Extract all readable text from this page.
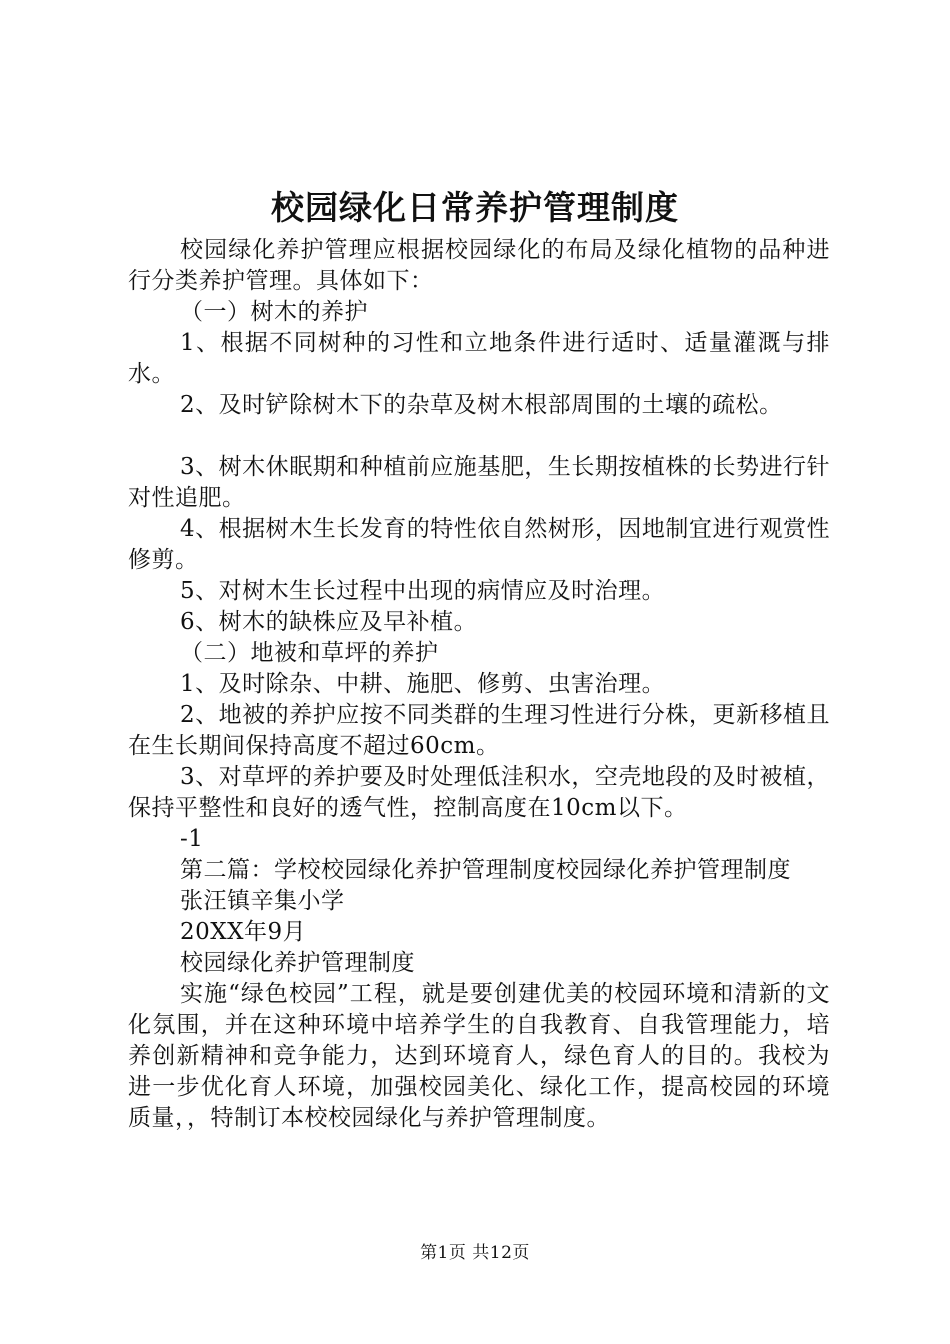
校园绿化日常养护管理制度

校园绿化养护管理应根据校园绿化的布局及绿化植物的品种进行分类养护管理。具体如下：

（一）树木的养护

1、根据不同树种的习性和立地条件进行适时、适量灌溉与排水。

2、及时铲除树木下的杂草及树木根部周围的土壤的疏松。

3、树木休眠期和种植前应施基肥，生长期按植株的长势进行针对性追肥。

4、根据树木生长发育的特性依自然树形，因地制宜进行观赏性修剪。

5、对树木生长过程中出现的病情应及时治理。

6、树木的缺株应及早补植。

（二）地被和草坪的养护

1、及时除杂、中耕、施肥、修剪、虫害治理。

2、地被的养护应按不同类群的生理习性进行分株，更新移植且在生长期间保持高度不超过60cm。

3、对草坪的养护要及时处理低洼积水，空壳地段的及时被植，保持平整性和良好的透气性，控制高度在10cm以下。

-1

第二篇：学校校园绿化养护管理制度校园绿化养护管理制度

张汪镇辛集小学

20XX年9月

校园绿化养护管理制度

实施“绿色校园”工程，就是要创建优美的校园环境和清新的文化氛围，并在这种环境中培养学生的自我教育、自我管理能力，培养创新精神和竞争能力，达到环境育人，绿色育人的目的。我校为进一步优化育人环境，加强校园美化、绿化工作，提高校园的环境质量，，特制订本校校园绿化与养护管理制度。

第1页 共12页
